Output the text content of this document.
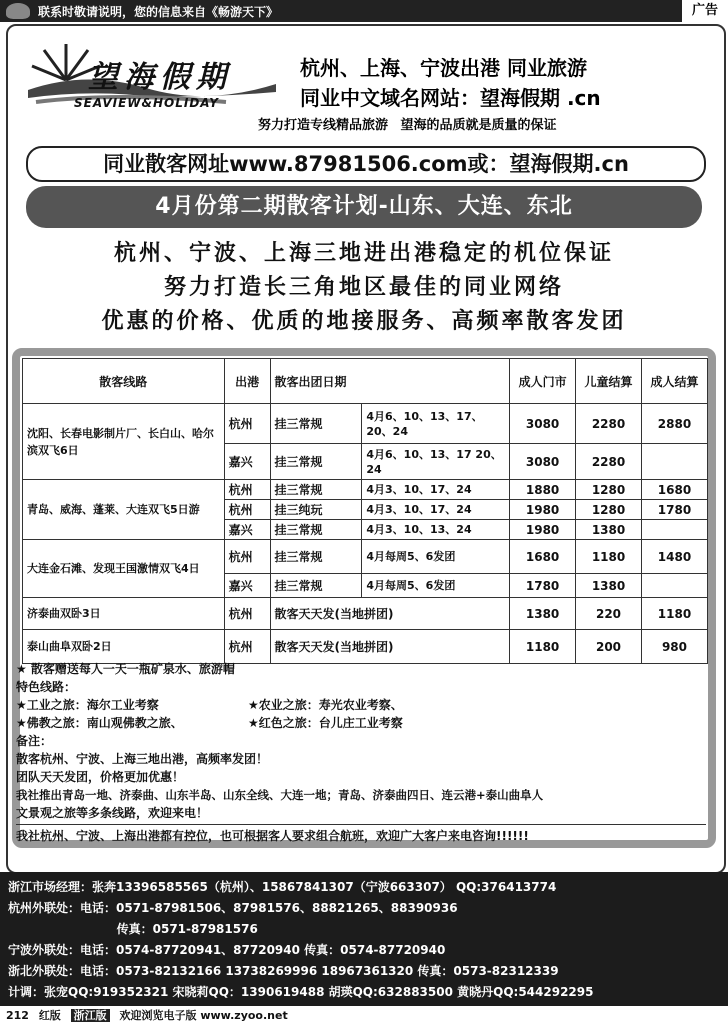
联系时敬请说明，您的信息来自《畅游天下》	广告
望海假期
SEAVIEW&HOLIDAY
杭州、上海、宁波出港 同业旅游
同业中文域名网站：望海假期 .cn
努力打造专线精品旅游 望海的品质就是质量的保证
同业散客网址www.87981506.com或：望海假期.cn
4月份第二期散客计划-山东、大连、东北
杭州、宁波、上海三地进出港稳定的机位保证
努力打造长三角地区最佳的同业网络
优惠的价格、优质的地接服务、高频率散客发团
散客线路	出港	散客出团日期		成人门市	儿童结算	成人结算
沈阳、长春电影制片厂、长白山、哈尔滨双飞6日	杭州	挂三常规	4月6、10、13、17、20、24	3080	2280	2880
	嘉兴	挂三常规	4月6、10、13、17 20、24	3080	2280	
青岛、威海、蓬莱、大连双飞5日游	杭州	挂三常规	4月3、10、17、24	1880	1280	1680
	杭州	挂三纯玩	4月3、10、17、24	1980	1280	1780
	嘉兴	挂三常规	4月3、10、13、24	1980	1380	
大连金石滩、发现王国激情双飞4日	杭州	挂三常规	4月每周5、6发团	1680	1180	1480
	嘉兴	挂三常规	4月每周5、6发团	1780	1380	
济泰曲双卧3日	杭州	散客天天发(当地拼团)		1380	220	1180
泰山曲阜双卧2日	杭州	散客天天发(当地拼团)		1180	200	980
★ 散客赠送每人一天一瓶矿泉水、旅游帽
特色线路：
★工业之旅：海尔工业考察	★农业之旅：寿光农业考察、
★佛教之旅：南山观佛教之旅、	★红色之旅：台儿庄工业考察
备注：
散客杭州、宁波、上海三地出港，高频率发团！
团队天天发团，价格更加优惠！
我社推出青岛一地、济泰曲、山东半岛、山东全线、大连一地；青岛、济泰曲四日、连云港+泰山曲阜人
文景观之旅等多条线路，欢迎来电！
我社杭州、宁波、上海出港都有控位，也可根据客人要求组合航班，欢迎广大客户来电咨询!!!!!!
浙江市场经理：张奔13396585565（杭州）、15867841307（宁波663307） QQ:376413774
杭州外联处：电话：0571-87981506、87981576、88821265、88390936
传真：0571-87981576
宁波外联处：电话：0574-87720941、87720940 传真：0574-87720940
浙北外联处：电话：0573-82132166 13738269996 18967361320 传真：0573-82312339
计调：张宠QQ:919352321 宋晓莉QQ：1390619488 胡瑛QQ:632883500 黄晓丹QQ:544292295
212 红版 浙江版 欢迎浏览电子版 www.zyoo.net
